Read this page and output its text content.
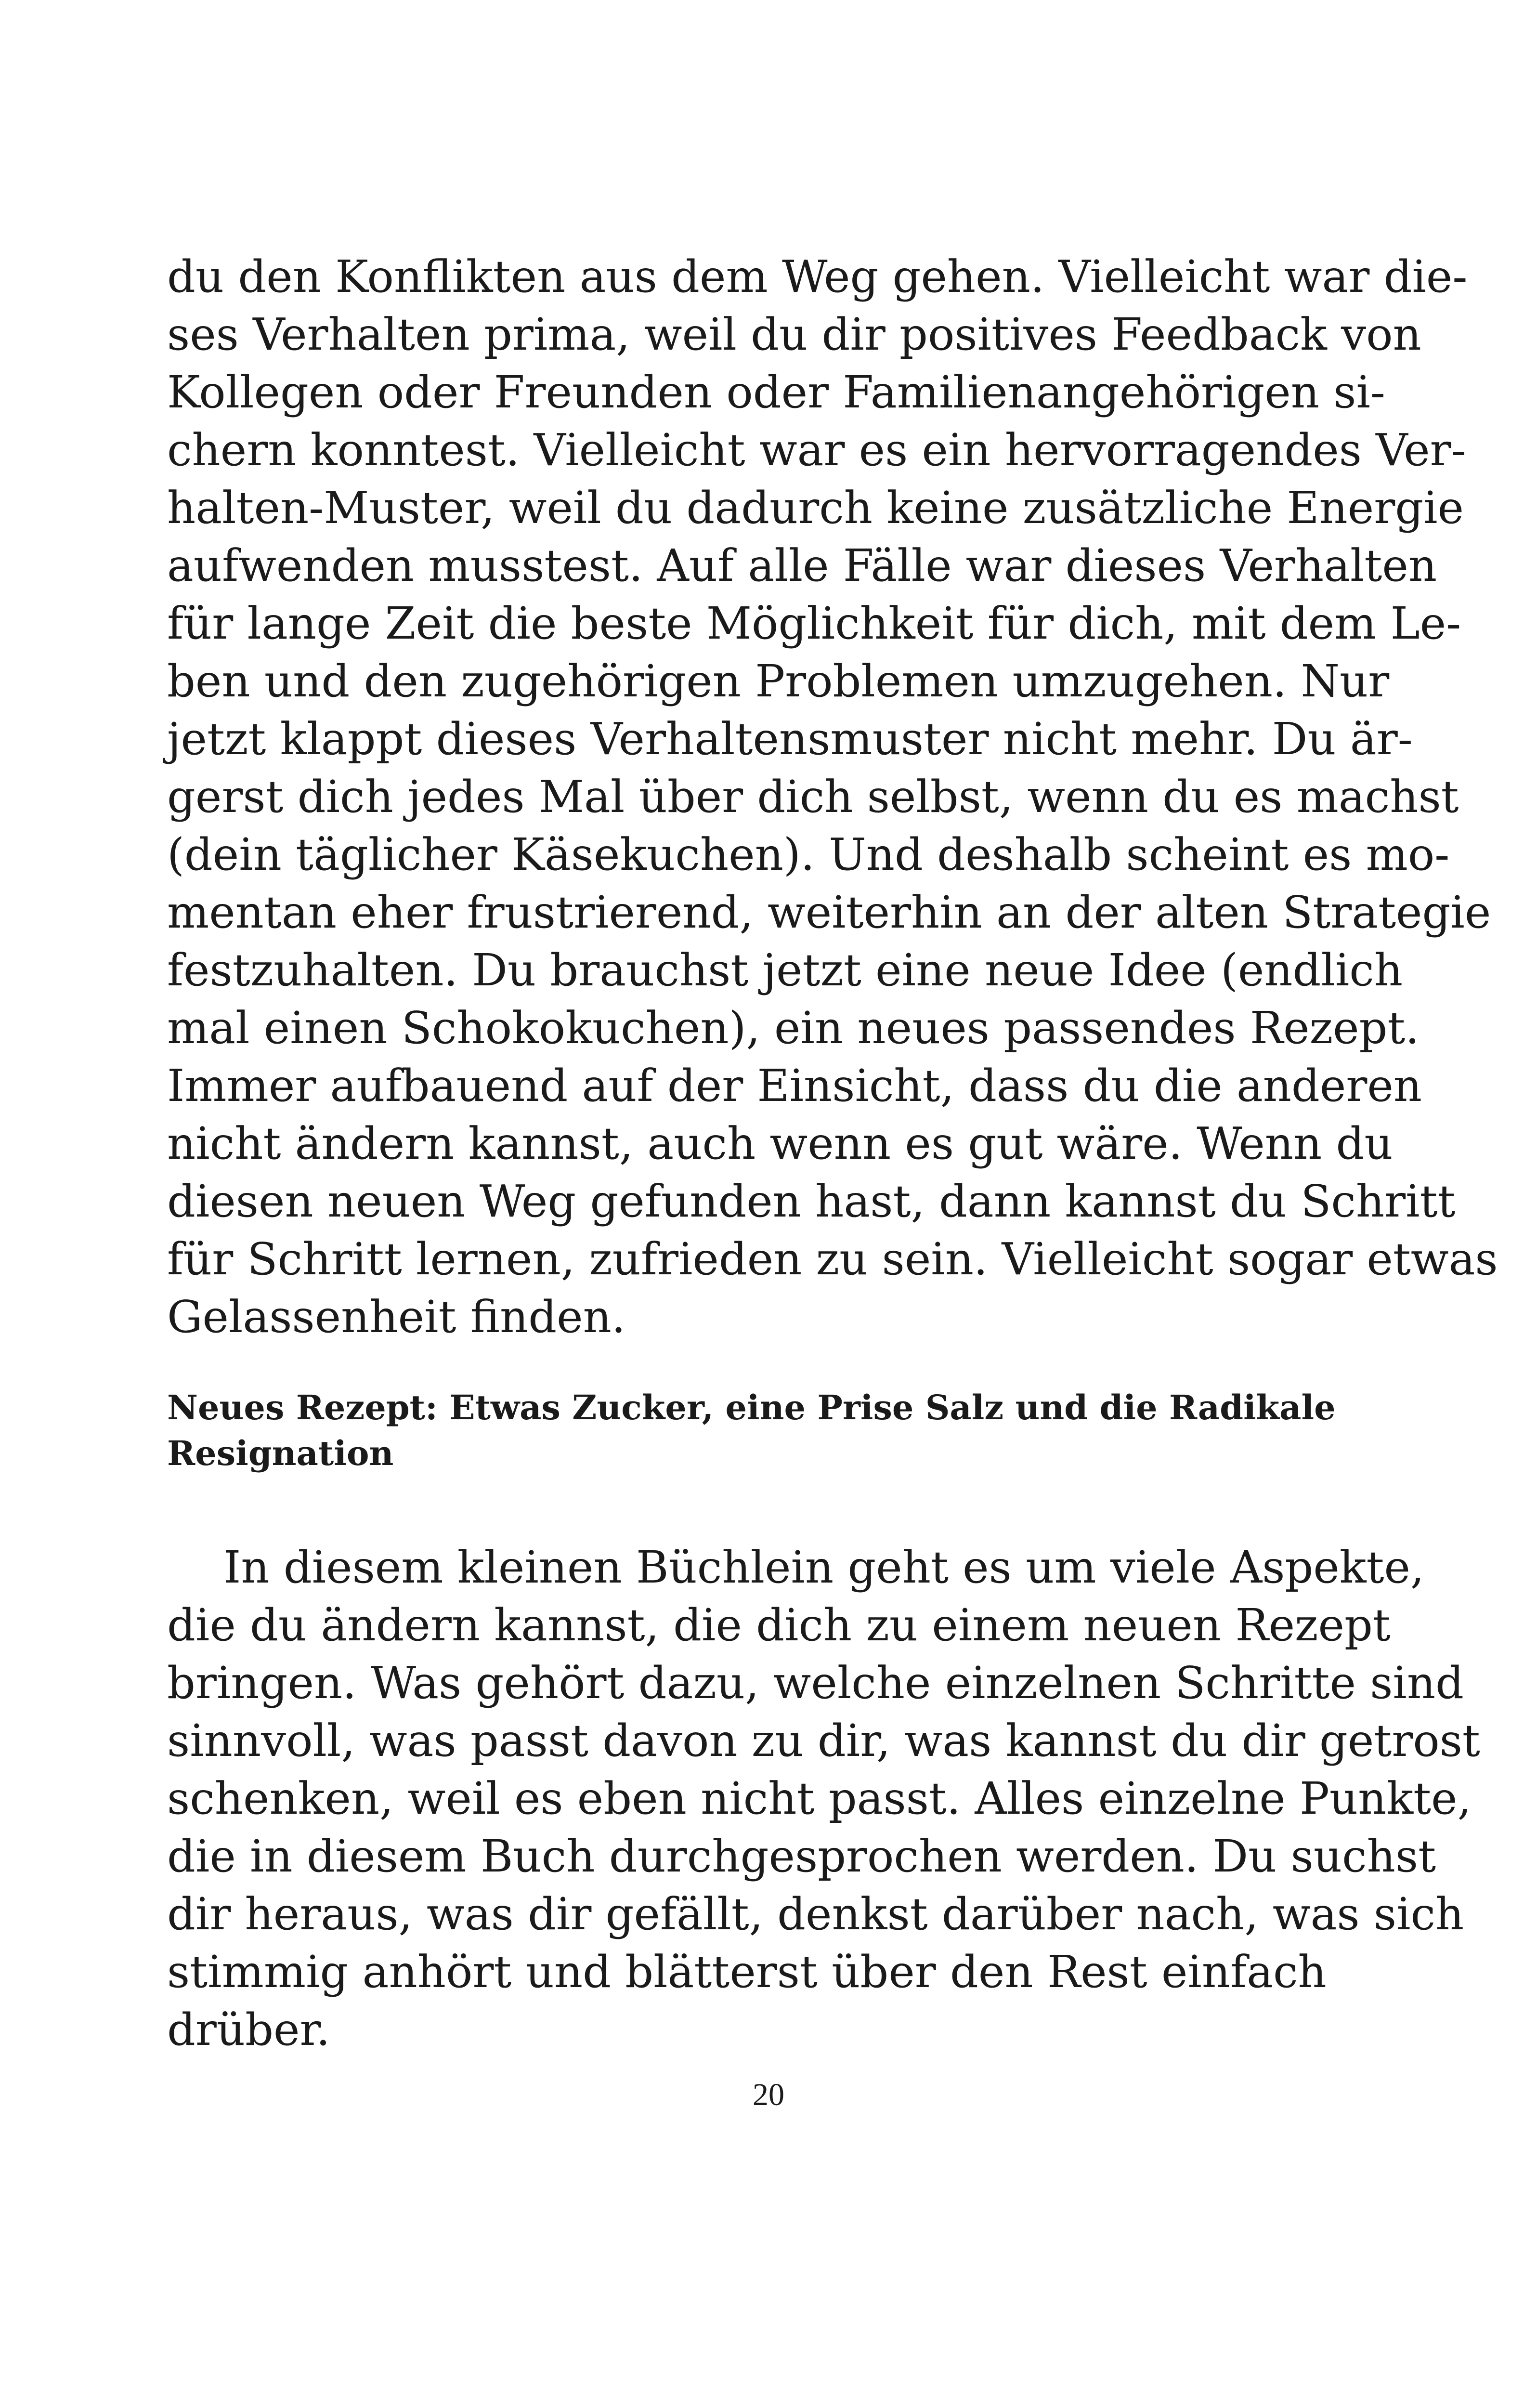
du den Konflikten aus dem Weg gehen. Vielleicht war die-
ses Verhalten prima, weil du dir positives Feedback von
Kollegen oder Freunden oder Familienangehörigen si-
chern konntest. Vielleicht war es ein hervorragendes Ver-
halten-Muster, weil du dadurch keine zusätzliche Energie
aufwenden musstest. Auf alle Fälle war dieses Verhalten
für lange Zeit die beste Möglichkeit für dich, mit dem Le-
ben und den zugehörigen Problemen umzugehen. Nur
jetzt klappt dieses Verhaltensmuster nicht mehr. Du är-
gerst dich jedes Mal über dich selbst, wenn du es machst
(dein täglicher Käsekuchen). Und deshalb scheint es mo-
mentan eher frustrierend, weiterhin an der alten Strategie
festzuhalten. Du brauchst jetzt eine neue Idee (endlich
mal einen Schokokuchen), ein neues passendes Rezept.
Immer aufbauend auf der Einsicht, dass du die anderen
nicht ändern kannst, auch wenn es gut wäre. Wenn du
diesen neuen Weg gefunden hast, dann kannst du Schritt
für Schritt lernen, zufrieden zu sein. Vielleicht sogar etwas
Gelassenheit finden.
Neues Rezept: Etwas Zucker, eine Prise Salz und die Radikale
Resignation
In diesem kleinen Büchlein geht es um viele Aspekte,
die du ändern kannst, die dich zu einem neuen Rezept
bringen. Was gehört dazu, welche einzelnen Schritte sind
sinnvoll, was passt davon zu dir, was kannst du dir getrost
schenken, weil es eben nicht passt. Alles einzelne Punkte,
die in diesem Buch durchgesprochen werden. Du suchst
dir heraus, was dir gefällt, denkst darüber nach, was sich
stimmig anhört und blätterst über den Rest einfach
drüber.
20
